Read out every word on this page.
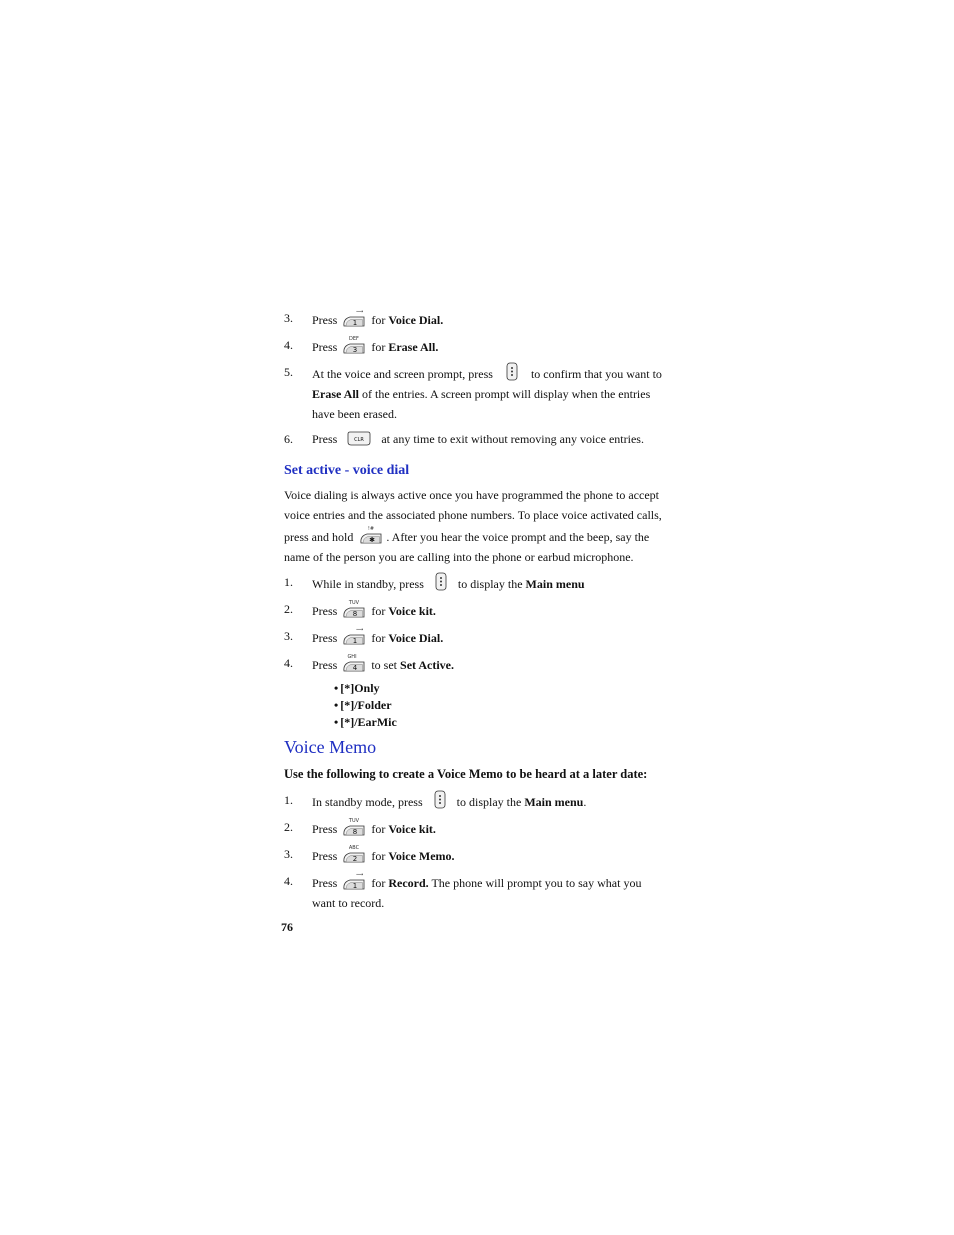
3. Press
⟿
1 for Voice Dial.
4. Press
DEF
3 for Erase All.
5. At the voice and screen prompt, press	to confirm that you want to Erase All of the entries. A screen prompt will display when the entries have been erased.
6. Press	CLR at any time to exit without removing any voice entries.
Set active - voice dial
Voice dialing is always active once you have programmed the phone to accept voice entries and the associated phone numbers. To place voice activated calls, press and hold
!#
✱ . After you hear the voice prompt and the beep, say the name of the person you are calling into the phone or earbud microphone.
1. While in standby, press	to display the Main menu
2. Press
TUV
8 for Voice kit.
3. Press
⟿
1 for Voice Dial.
4. Press
GHI
4 to set Set Active.
• [*]Only
• [*]/Folder
• [*]/EarMic
Voice Memo
Use the following to create a Voice Memo to be heard at a later date:
1. In standby mode, press	to display the Main menu.
2. Press
TUV
8 for Voice kit.
3. Press
ABC
2 for Voice Memo.
4. Press
⟿
1 for Record. The phone will prompt you to say what you want to record.
76
